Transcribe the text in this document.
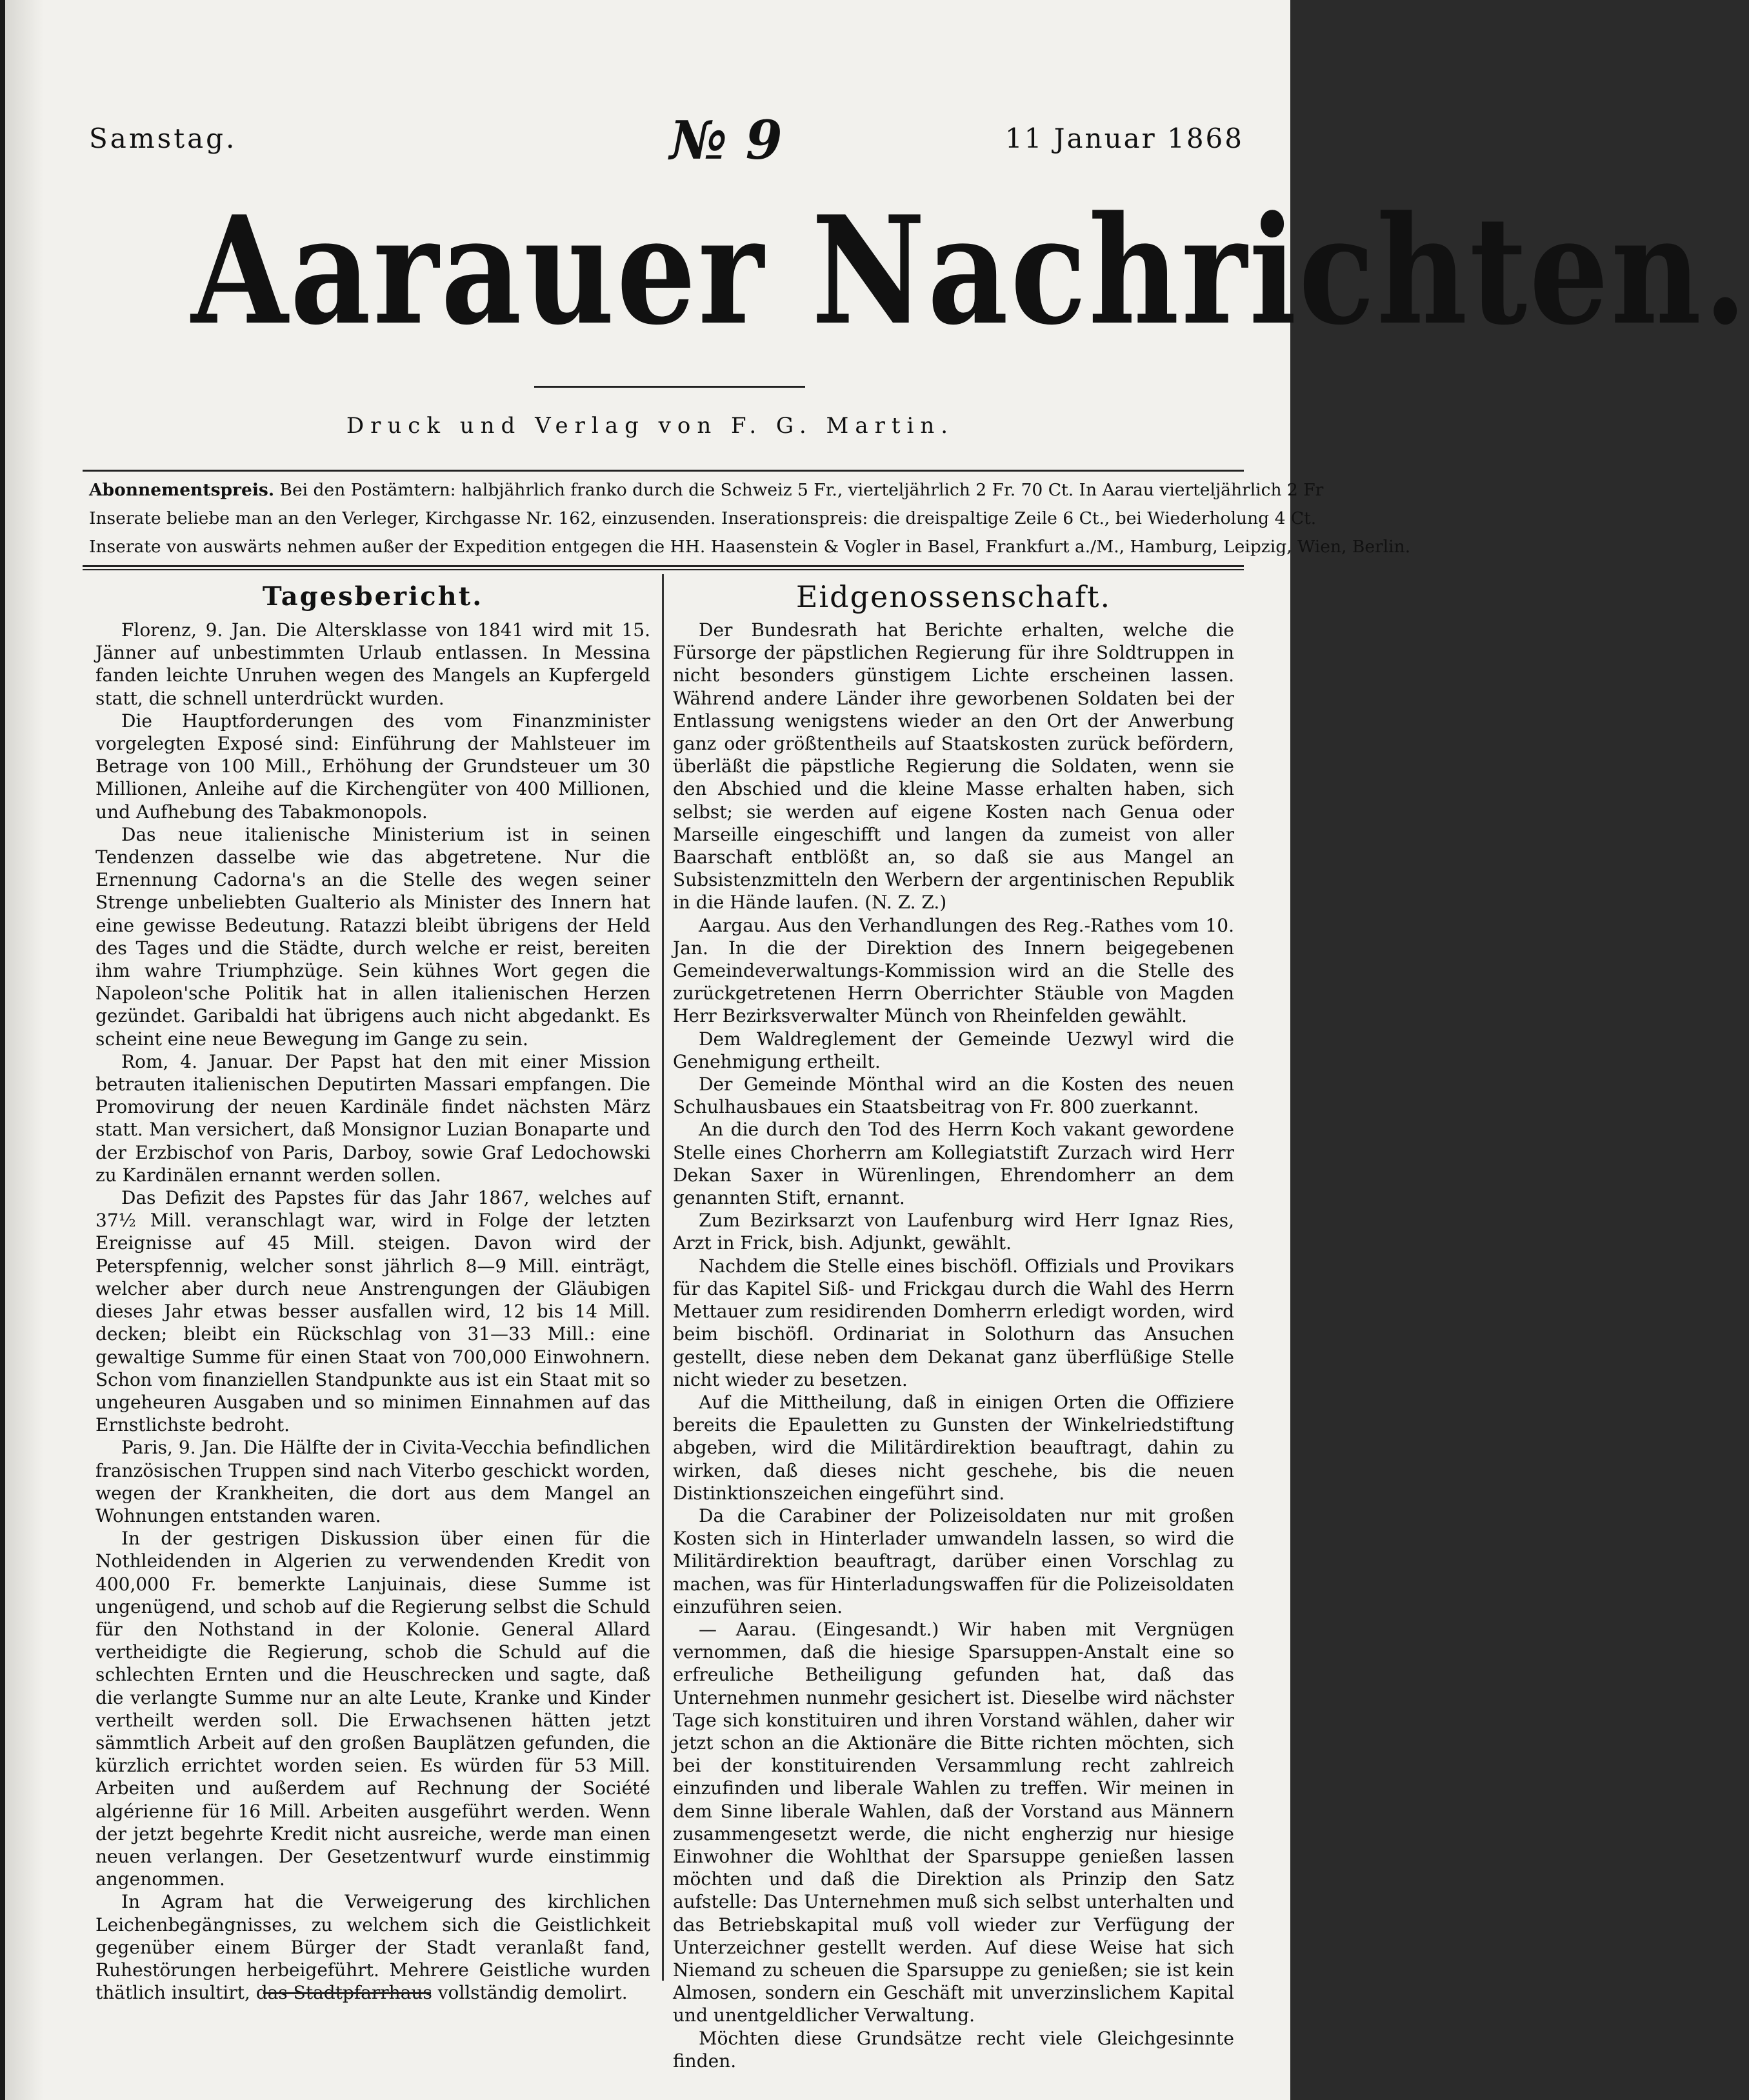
Samstag.	№ 9	11 Januar 1868
Aarauer Nachrichten.
Druck und Verlag von F. G. Martin.
Abonnementspreis. Bei den Postämtern: halbjährlich franko durch die Schweiz 5 Fr., vierteljährlich 2 Fr. 70 Ct. In Aarau vierteljährlich 2 Fr
Inserate beliebe man an den Verleger, Kirchgasse Nr. 162, einzusenden. Inserationspreis: die dreispaltige Zeile 6 Ct., bei Wiederholung 4 Ct.
Inserate von auswärts nehmen außer der Expedition entgegen die HH. Haasenstein & Vogler in Basel, Frankfurt a./M., Hamburg, Leipzig, Wien, Berlin.
Tagesbericht.

Florenz, 9. Jan. Die Altersklasse von 1841 wird mit 15. Jänner auf unbestimmten Urlaub entlassen. In Messina fanden leichte Unruhen wegen des Mangels an Kupfergeld statt, die schnell unterdrückt wurden.

Die Hauptforderungen des vom Finanzminister vorgelegten Exposé sind: Einführung der Mahlsteuer im Betrage von 100 Mill., Erhöhung der Grundsteuer um 30 Millionen, Anleihe auf die Kirchengüter von 400 Millionen, und Aufhebung des Tabakmonopols.

Das neue italienische Ministerium ist in seinen Tendenzen dasselbe wie das abgetretene. Nur die Ernennung Cadorna's an die Stelle des wegen seiner Strenge unbeliebten Gualterio als Minister des Innern hat eine gewisse Bedeutung. Ratazzi bleibt übrigens der Held des Tages und die Städte, durch welche er reist, bereiten ihm wahre Triumphzüge. Sein kühnes Wort gegen die Napoleon'sche Politik hat in allen italienischen Herzen gezündet. Garibaldi hat übrigens auch nicht abgedankt. Es scheint eine neue Bewegung im Gange zu sein.

Rom, 4. Januar. Der Papst hat den mit einer Mission betrauten italienischen Deputirten Massari empfangen. Die Promovirung der neuen Kardinäle findet nächsten März statt. Man versichert, daß Monsignor Luzian Bonaparte und der Erzbischof von Paris, Darboy, sowie Graf Ledochowski zu Kardinälen ernannt werden sollen.

Das Defizit des Papstes für das Jahr 1867, welches auf 37½ Mill. veranschlagt war, wird in Folge der letzten Ereignisse auf 45 Mill. steigen. Davon wird der Peterspfennig, welcher sonst jährlich 8—9 Mill. einträgt, welcher aber durch neue Anstrengungen der Gläubigen dieses Jahr etwas besser ausfallen wird, 12 bis 14 Mill. decken; bleibt ein Rückschlag von 31—33 Mill.: eine gewaltige Summe für einen Staat von 700,000 Einwohnern. Schon vom finanziellen Standpunkte aus ist ein Staat mit so ungeheuren Ausgaben und so minimen Einnahmen auf das Ernstlichste bedroht.

Paris, 9. Jan. Die Hälfte der in Civita-Vecchia befindlichen französischen Truppen sind nach Viterbo geschickt worden, wegen der Krankheiten, die dort aus dem Mangel an Wohnungen entstanden waren.

In der gestrigen Diskussion über einen für die Nothleidenden in Algerien zu verwendenden Kredit von 400,000 Fr. bemerkte Lanjuinais, diese Summe ist ungenügend, und schob auf die Regierung selbst die Schuld für den Nothstand in der Kolonie. General Allard vertheidigte die Regierung, schob die Schuld auf die schlechten Ernten und die Heuschrecken und sagte, daß die verlangte Summe nur an alte Leute, Kranke und Kinder vertheilt werden soll. Die Erwachsenen hätten jetzt sämmtlich Arbeit auf den großen Bauplätzen gefunden, die kürzlich errichtet worden seien. Es würden für 53 Mill. Arbeiten und außerdem auf Rechnung der Société algérienne für 16 Mill. Arbeiten ausgeführt werden. Wenn der jetzt begehrte Kredit nicht ausreiche, werde man einen neuen verlangen. Der Gesetzentwurf wurde einstimmig angenommen.

In Agram hat die Verweigerung des kirchlichen Leichenbegängnisses, zu welchem sich die Geistlichkeit gegenüber einem Bürger der Stadt veranlaßt fand, Ruhestörungen herbeigeführt. Mehrere Geistliche wurden thätlich insultirt, das Stadtpfarrhaus vollständig demolirt.

Eidgenossenschaft.

Der Bundesrath hat Berichte erhalten, welche die Fürsorge der päpstlichen Regierung für ihre Soldtruppen in nicht besonders günstigem Lichte erscheinen lassen. Während andere Länder ihre geworbenen Soldaten bei der Entlassung wenigstens wieder an den Ort der Anwerbung ganz oder größtentheils auf Staatskosten zurück befördern, überläßt die päpstliche Regierung die Soldaten, wenn sie den Abschied und die kleine Masse erhalten haben, sich selbst; sie werden auf eigene Kosten nach Genua oder Marseille eingeschifft und langen da zumeist von aller Baarschaft entblößt an, so daß sie aus Mangel an Subsistenzmitteln den Werbern der argentinischen Republik in die Hände laufen. (N. Z. Z.)

Aargau. Aus den Verhandlungen des Reg.-Rathes vom 10. Jan. In die der Direktion des Innern beigegebenen Gemeindeverwaltungs-Kommission wird an die Stelle des zurückgetretenen Herrn Oberrichter Stäuble von Magden Herr Bezirksverwalter Münch von Rheinfelden gewählt.

Dem Waldreglement der Gemeinde Uezwyl wird die Genehmigung ertheilt.

Der Gemeinde Mönthal wird an die Kosten des neuen Schulhausbaues ein Staatsbeitrag von Fr. 800 zuerkannt.

An die durch den Tod des Herrn Koch vakant gewordene Stelle eines Chorherrn am Kollegiatstift Zurzach wird Herr Dekan Saxer in Würenlingen, Ehrendomherr an dem genannten Stift, ernannt.

Zum Bezirksarzt von Laufenburg wird Herr Ignaz Ries, Arzt in Frick, bish. Adjunkt, gewählt.

Nachdem die Stelle eines bischöfl. Offizials und Provikars für das Kapitel Siß- und Frickgau durch die Wahl des Herrn Mettauer zum residirenden Domherrn erledigt worden, wird beim bischöfl. Ordinariat in Solothurn das Ansuchen gestellt, diese neben dem Dekanat ganz überflüßige Stelle nicht wieder zu besetzen.

Auf die Mittheilung, daß in einigen Orten die Offiziere bereits die Epauletten zu Gunsten der Winkelriedstiftung abgeben, wird die Militärdirektion beauftragt, dahin zu wirken, daß dieses nicht geschehe, bis die neuen Distinktionszeichen eingeführt sind.

Da die Carabiner der Polizeisoldaten nur mit großen Kosten sich in Hinterlader umwandeln lassen, so wird die Militärdirektion beauftragt, darüber einen Vorschlag zu machen, was für Hinterladungswaffen für die Polizeisoldaten einzuführen seien.

— Aarau. (Eingesandt.) Wir haben mit Vergnügen vernommen, daß die hiesige Sparsuppen-Anstalt eine so erfreuliche Betheiligung gefunden hat, daß das Unternehmen nunmehr gesichert ist. Dieselbe wird nächster Tage sich konstituiren und ihren Vorstand wählen, daher wir jetzt schon an die Aktionäre die Bitte richten möchten, sich bei der konstituirenden Versammlung recht zahlreich einzufinden und liberale Wahlen zu treffen. Wir meinen in dem Sinne liberale Wahlen, daß der Vorstand aus Männern zusammengesetzt werde, die nicht engherzig nur hiesige Einwohner die Wohlthat der Sparsuppe genießen lassen möchten und daß die Direktion als Prinzip den Satz aufstelle: Das Unternehmen muß sich selbst unterhalten und das Betriebskapital muß voll wieder zur Verfügung der Unterzeichner gestellt werden. Auf diese Weise hat sich Niemand zu scheuen die Sparsuppe zu genießen; sie ist kein Almosen, sondern ein Geschäft mit unverzinslichem Kapital und unentgeldlicher Verwaltung.

Möchten diese Grundsätze recht viele Gleichgesinnte finden.
